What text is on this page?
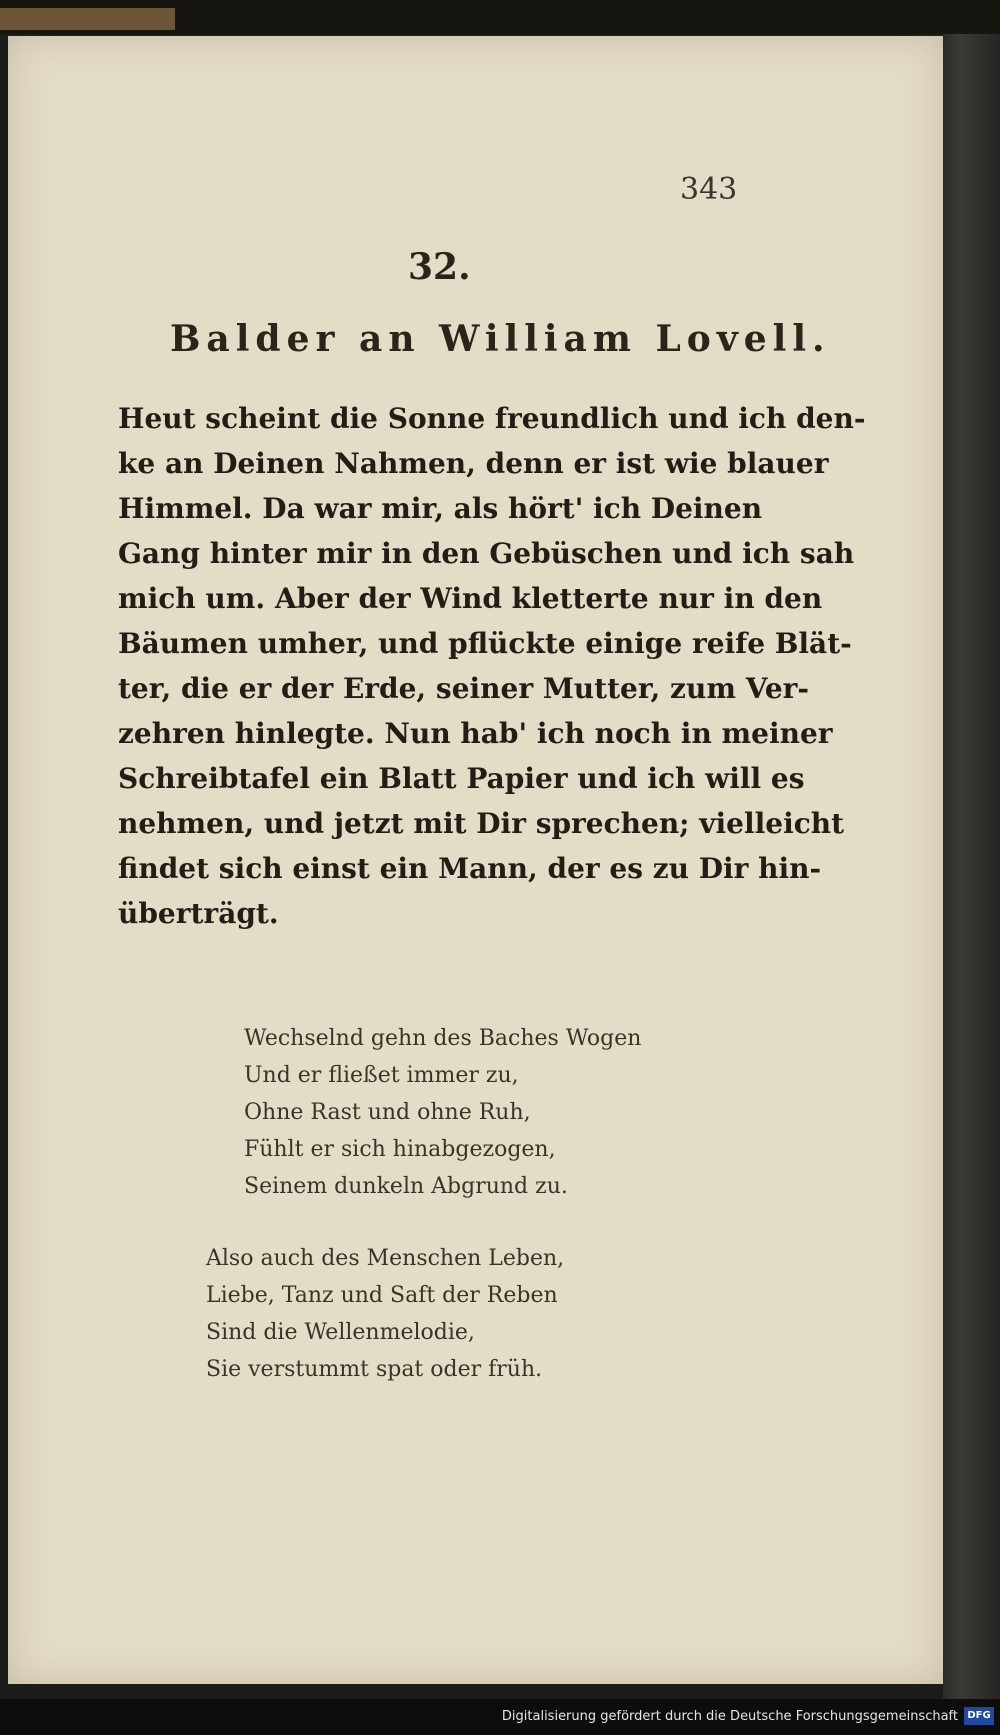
343

32.

Balder an William Lovell.
Heut scheint die Sonne freundlich und ich den-
ke an Deinen Nahmen, denn er ist wie blauer
Himmel. Da war mir, als hört' ich Deinen
Gang hinter mir in den Gebüschen und ich sah
mich um. Aber der Wind kletterte nur in den
Bäumen umher, und pflückte einige reife Blät-
ter, die er der Erde, seiner Mutter, zum Ver-
zehren hinlegte. Nun hab' ich noch in meiner
Schreibtafel ein Blatt Papier und ich will es
nehmen, und jetzt mit Dir sprechen; vielleicht
findet sich einst ein Mann, der es zu Dir hin-
überträgt.
Wechselnd gehn des Baches Wogen
Und er fließet immer zu,
Ohne Rast und ohne Ruh,
Fühlt er sich hinabgezogen,
Seinem dunkeln Abgrund zu.
Also auch des Menschen Leben,
Liebe, Tanz und Saft der Reben
Sind die Wellenmelodie,
Sie verstummt spat oder früh.

Digitalisierung gefördert durch die Deutsche Forschungsgemeinschaft DFG
